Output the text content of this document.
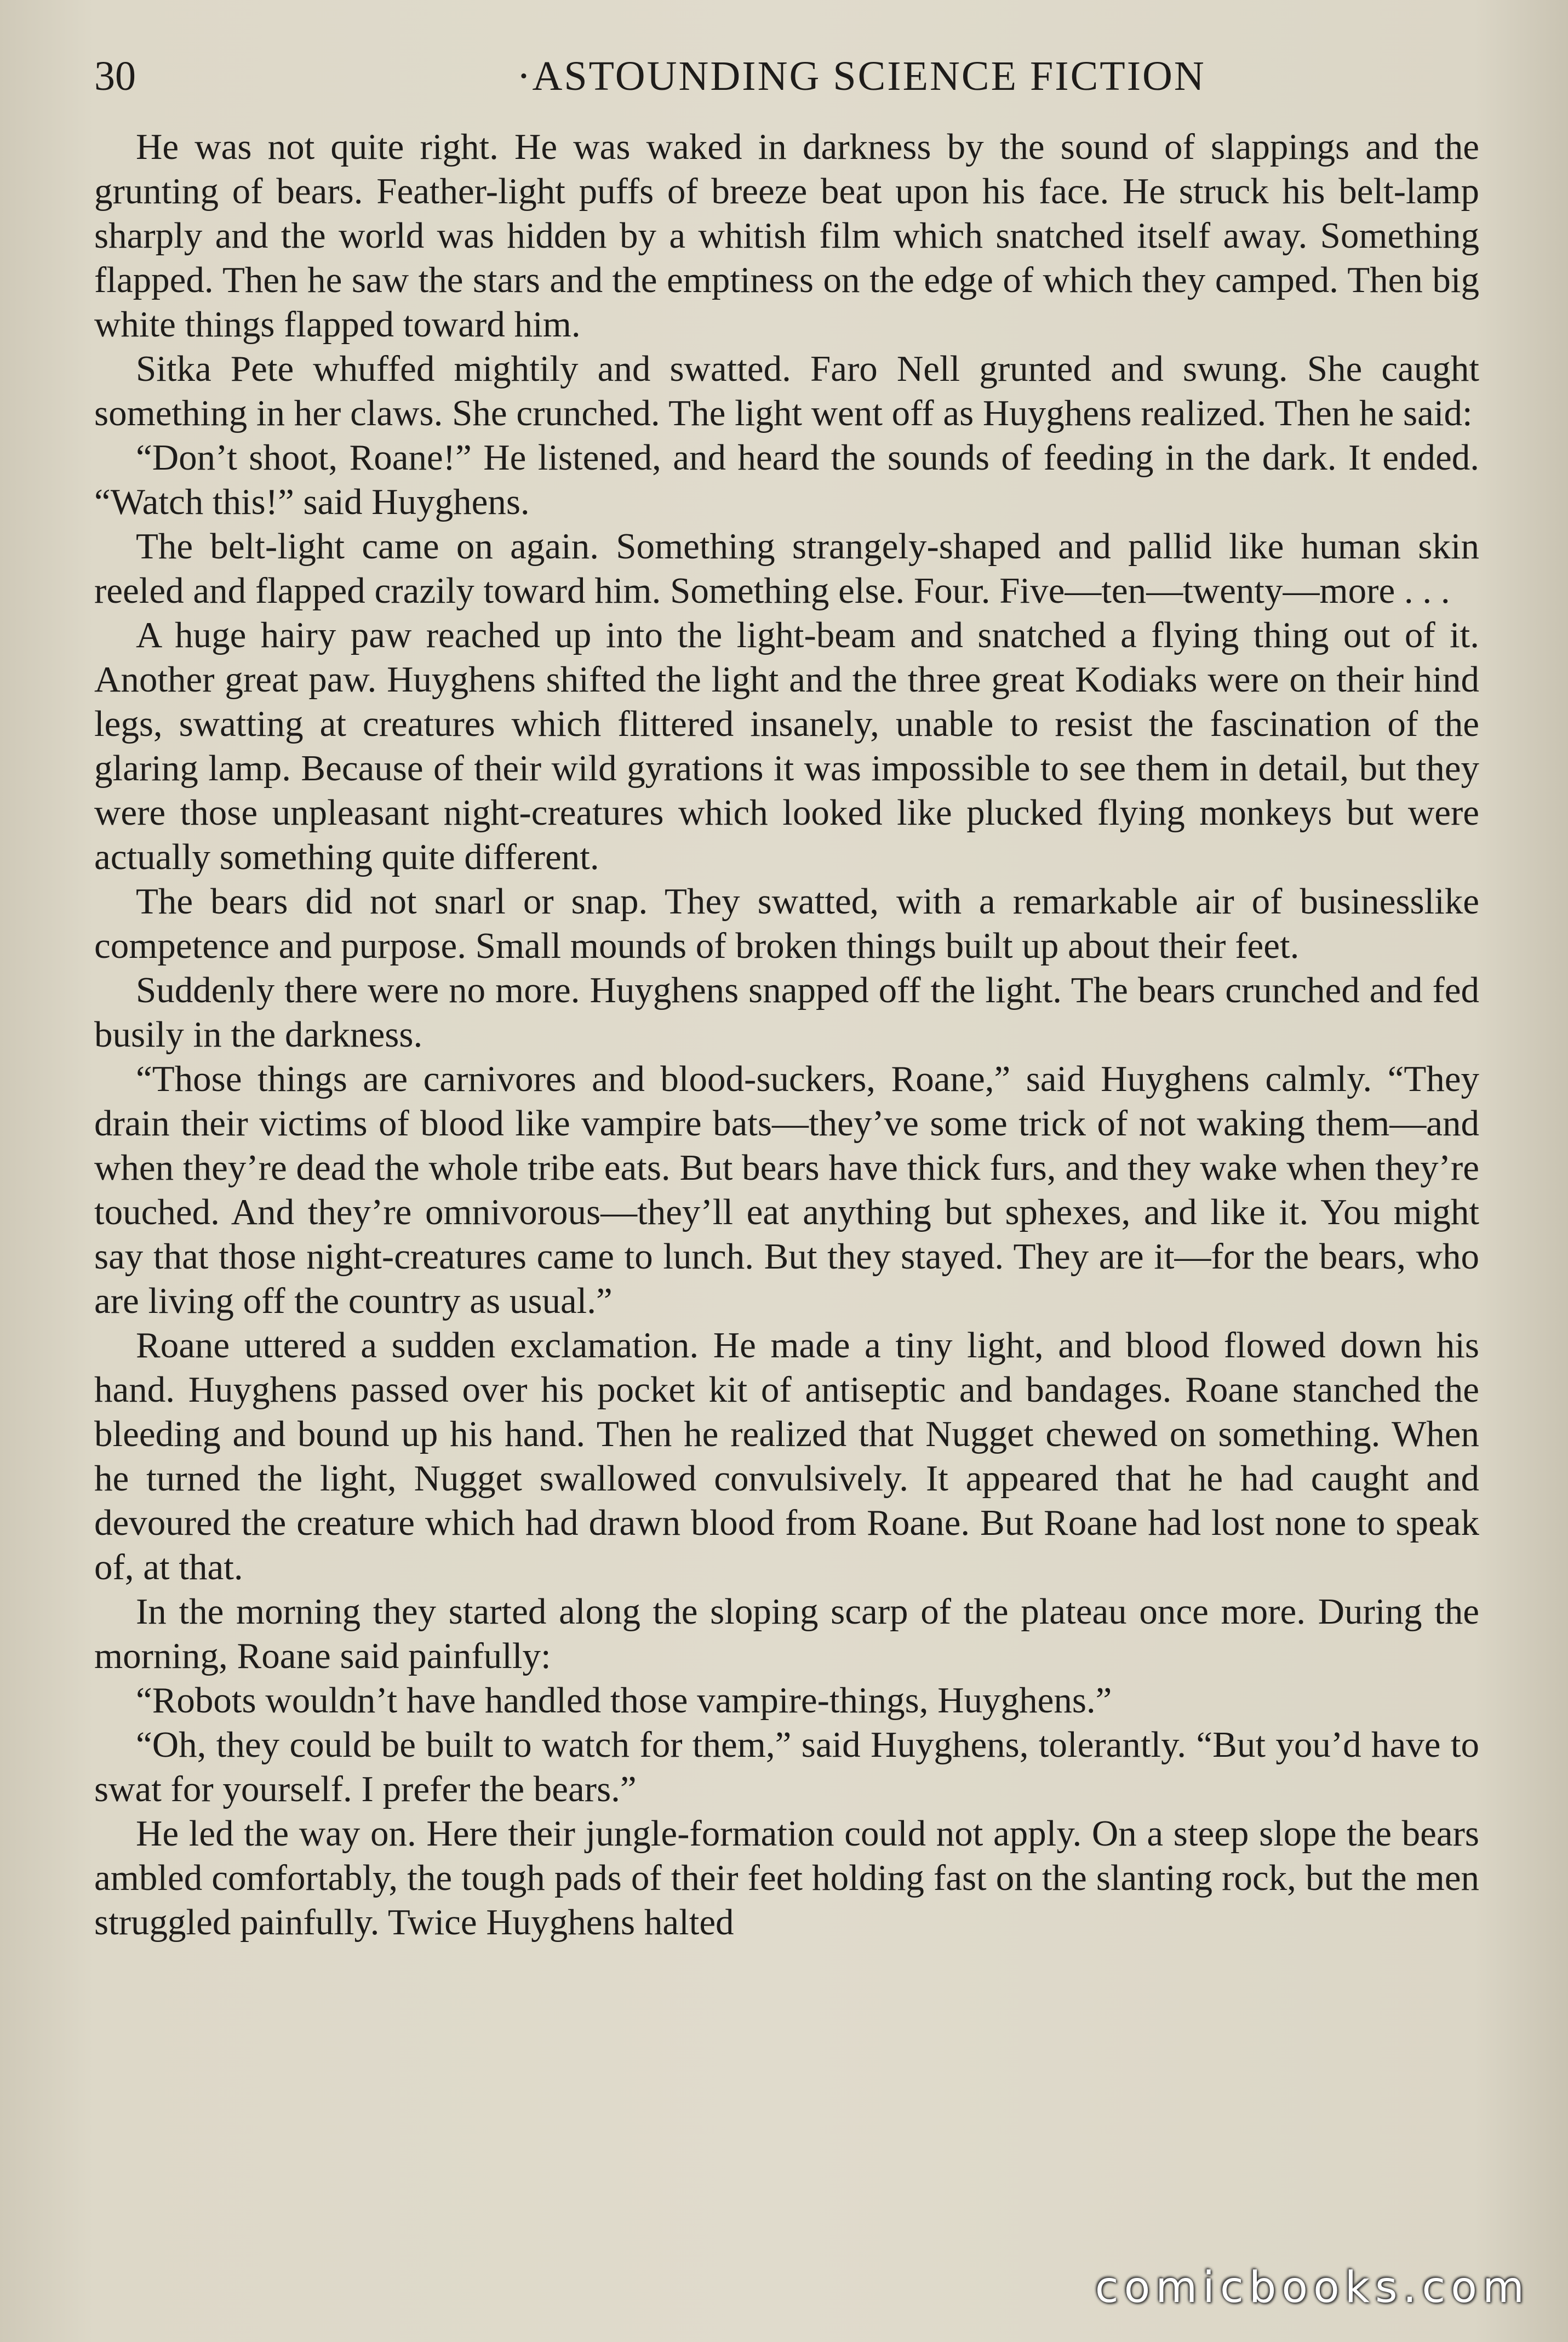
30	·ASTOUNDING SCIENCE FICTION

He was not quite right. He was waked in darkness by the sound of slappings and the grunting of bears. Feather-light puffs of breeze beat upon his face. He struck his belt-lamp sharply and the world was hidden by a whitish film which snatched itself away. Something flapped. Then he saw the stars and the emptiness on the edge of which they camped. Then big white things flapped toward him.

Sitka Pete whuffed mightily and swatted. Faro Nell grunted and swung. She caught something in her claws. She crunched. The light went off as Huyghens realized. Then he said:

“Don’t shoot, Roane!” He listened, and heard the sounds of feeding in the dark. It ended. “Watch this!” said Huyghens.

The belt-light came on again. Something strangely-shaped and pallid like human skin reeled and flapped crazily toward him. Something else. Four. Five—ten—twenty—more . . .

A huge hairy paw reached up into the light-beam and snatched a flying thing out of it. Another great paw. Huyghens shifted the light and the three great Kodiaks were on their hind legs, swatting at creatures which flittered insanely, unable to resist the fascination of the glaring lamp. Because of their wild gyrations it was impossible to see them in detail, but they were those unpleasant night-creatures which looked like plucked flying monkeys but were actually something quite different.

The bears did not snarl or snap. They swatted, with a remarkable air of businesslike competence and purpose. Small mounds of broken things built up about their feet.

Suddenly there were no more. Huyghens snapped off the light. The bears crunched and fed busily in the darkness.

“Those things are carnivores and blood-suckers, Roane,” said Huyghens calmly. “They drain their victims of blood like vampire bats—they’ve some trick of not waking them—and when they’re dead the whole tribe eats. But bears have thick furs, and they wake when they’re touched. And they’re omnivorous—they’ll eat anything but sphexes, and like it. You might say that those night-creatures came to lunch. But they stayed. They are it—for the bears, who are living off the country as usual.”

Roane uttered a sudden exclamation. He made a tiny light, and blood flowed down his hand. Huyghens passed over his pocket kit of antiseptic and bandages. Roane stanched the bleeding and bound up his hand. Then he realized that Nugget chewed on something. When he turned the light, Nugget swallowed convulsively. It appeared that he had caught and devoured the creature which had drawn blood from Roane. But Roane had lost none to speak of, at that.

In the morning they started along the sloping scarp of the plateau once more. During the morning, Roane said painfully:

“Robots wouldn’t have handled those vampire-things, Huyghens.”

“Oh, they could be built to watch for them,” said Huyghens, tolerantly. “But you’d have to swat for yourself. I prefer the bears.”

He led the way on. Here their jungle-formation could not apply. On a steep slope the bears ambled comfortably, the tough pads of their feet holding fast on the slanting rock, but the men struggled painfully. Twice Huyghens halted

comicbooks.com
